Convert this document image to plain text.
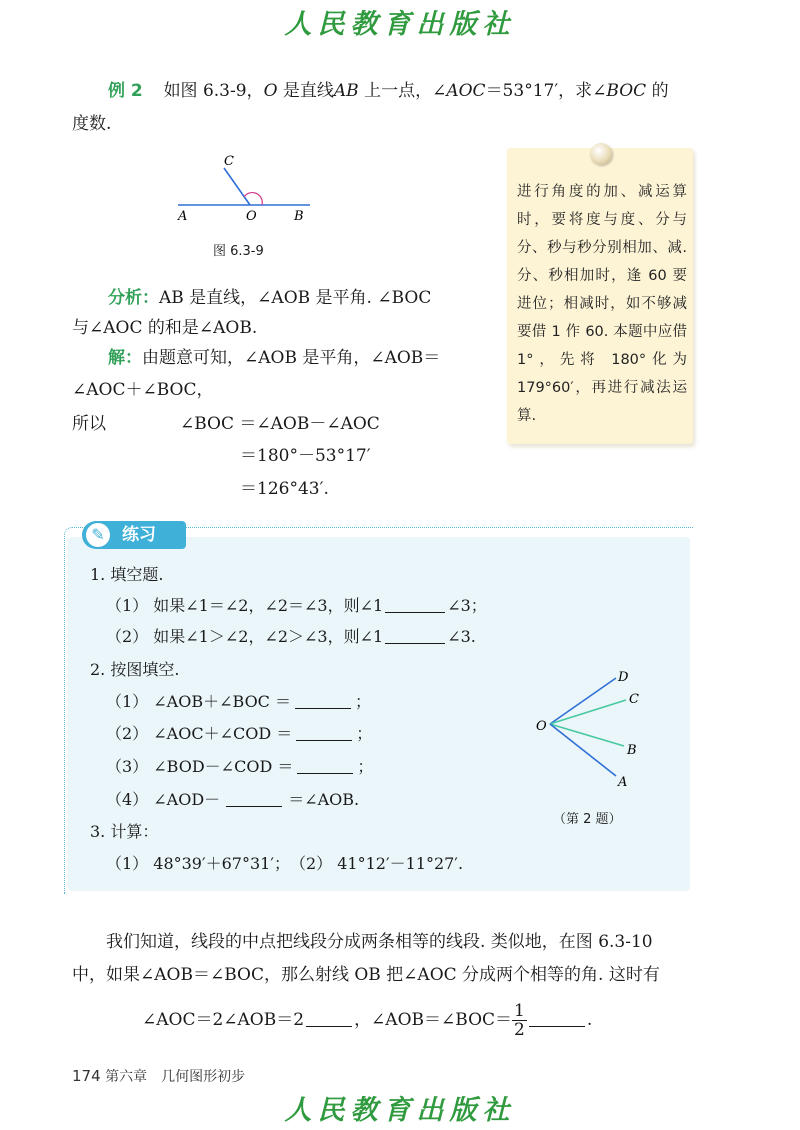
人民教育出版社
例 2 如图 6.3-9，O 是直线AB 上一点，∠AOC＝53°17′，求∠BOC 的
度数.
A	O	B
C
图 6.3-9
分析：AB 是直线，∠AOB 是平角. ∠BOC
与∠AOC 的和是∠AOB.
解：由题意可知，∠AOB 是平角，∠AOB＝
∠AOC＋∠BOC，
所以	∠BOC ＝∠AOB－∠AOC
＝180°－53°17′
＝126°43′.
进行角度的加、减运算时，要将度与度、分与分、秒与秒分别相加、减. 分、秒相加时，逢 60 要进位；相减时，如不够减要借 1 作 60. 本题中应借 1°，先将 180°化为 179°60′，再进行减法运算.
练习
✎
1. 填空题.
（1） 如果∠1＝∠2，∠2＝∠3，则∠1	∠3；
（2） 如果∠1＞∠2，∠2＞∠3，则∠1	∠3.
2. 按图填空.
（1） ∠AOB＋∠BOC ＝	；
（2） ∠AOC＋∠COD ＝	；
（3） ∠BOD－∠COD ＝	；
（4） ∠AOD－	＝∠AOB.
3. 计算：
（1） 48°39′＋67°31′；　（2） 41°12′－11°27′.
O
D
C
B
A
（第 2 题）
我们知道，线段的中点把线段分成两条相等的线段. 类似地，在图 6.3-10
中，如果∠AOB＝∠BOC，那么射线 OB 把∠AOC 分成两个相等的角. 这时有
∠AOC＝2∠AOB＝2	，∠AOB＝∠BOC＝ $\frac{1}{2}$	.
174 第六章　几何图形初步
人民教育出版社
